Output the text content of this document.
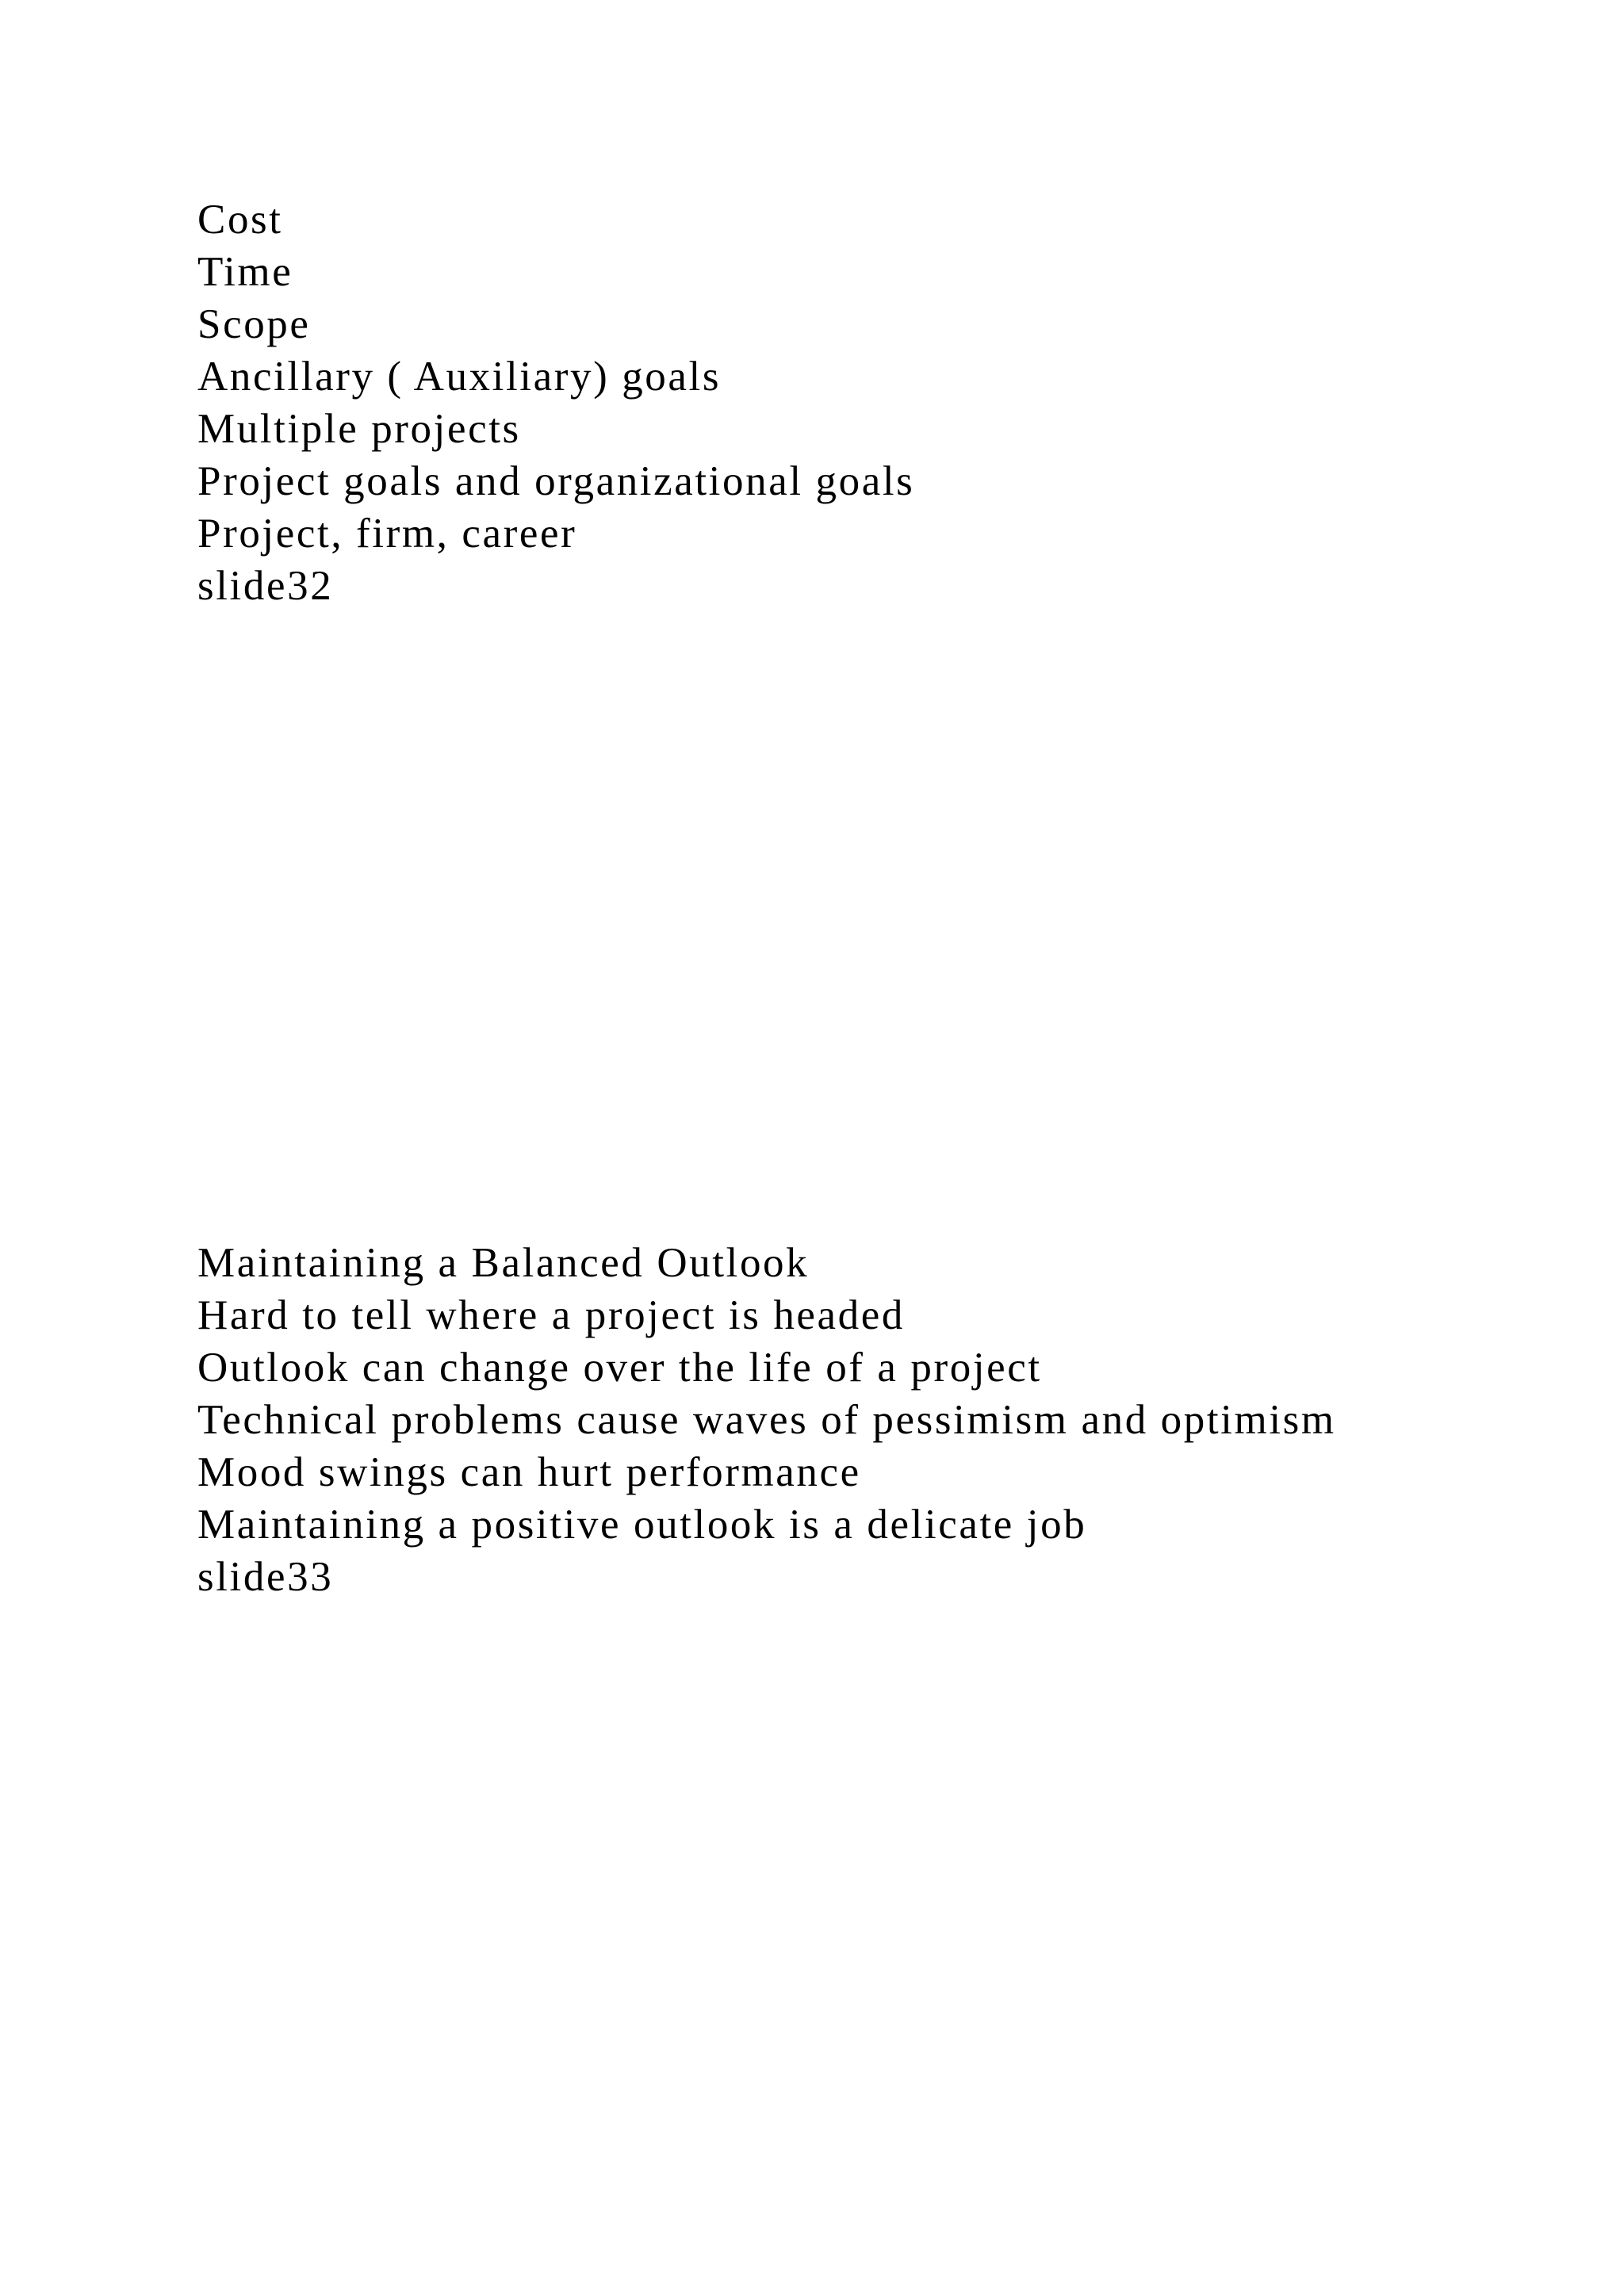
Cost
Time
Scope
Ancillary ( Auxiliary) goals
Multiple projects
Project goals and organizational goals
Project, firm, career
slide32
Maintaining a Balanced Outlook
Hard to tell where a project is headed
Outlook can change over the life of a project
Technical problems cause waves of pessimism and optimism
Mood swings can hurt performance
Maintaining a positive outlook is a delicate job
slide33
